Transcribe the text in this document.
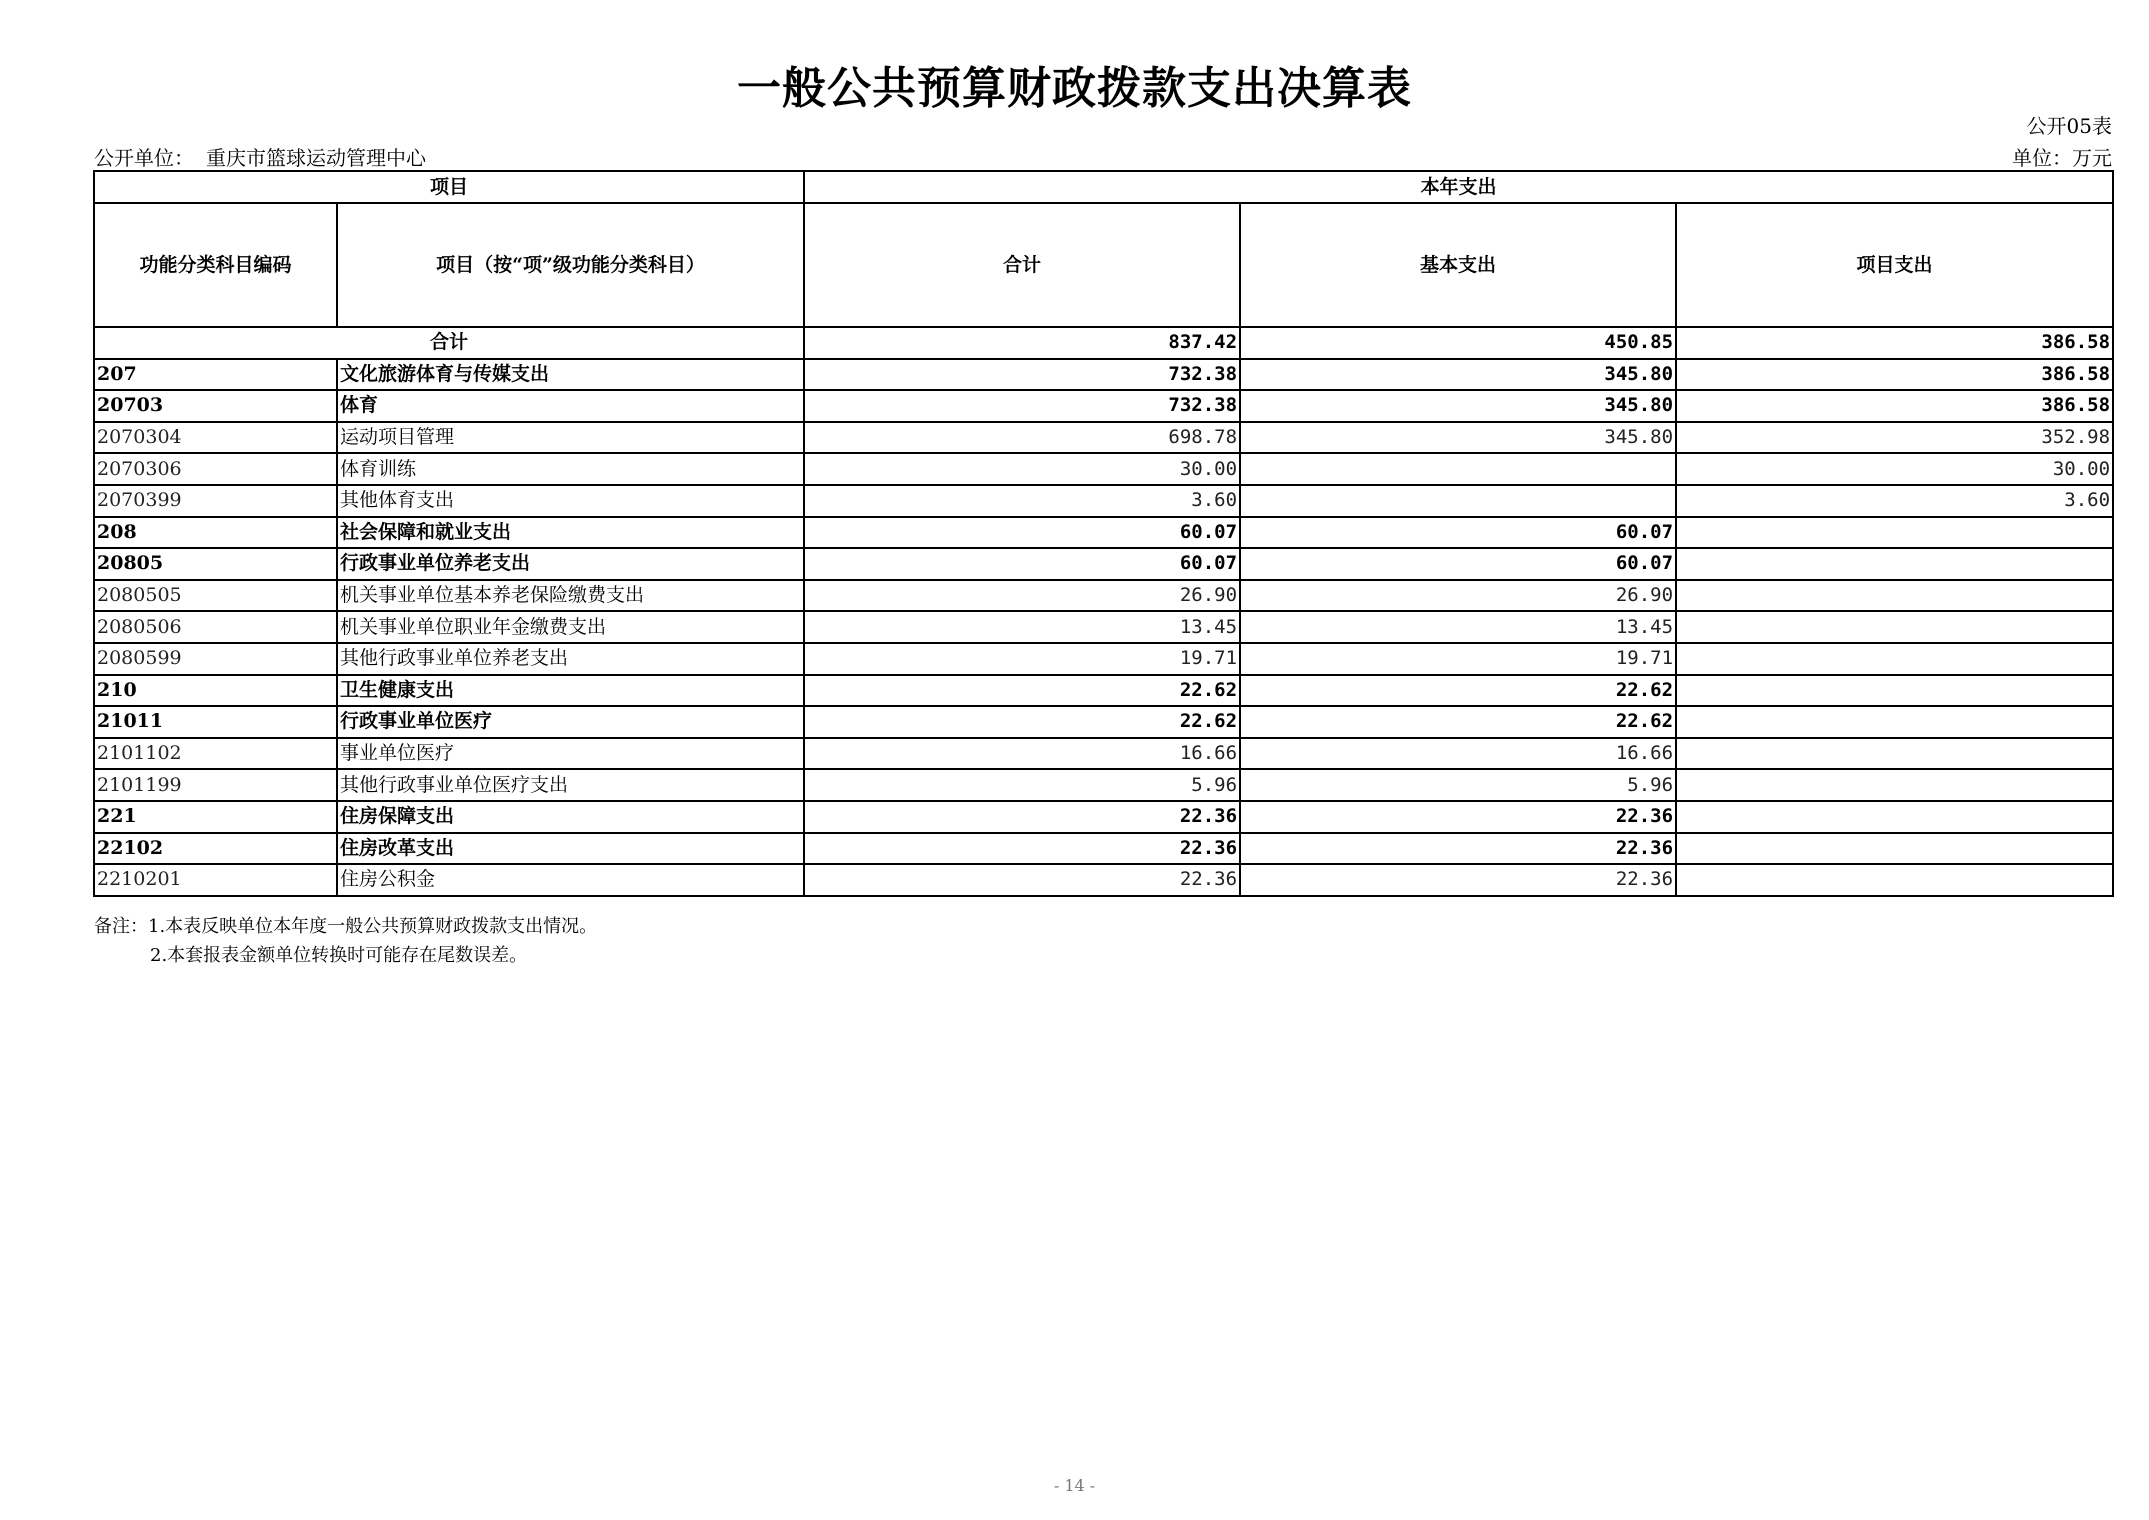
一般公共预算财政拨款支出决算表
公开05表
公开单位： 重庆市篮球运动管理中心	单位：万元
项目		本年支出		
功能分类科目编码	项目（按“项”级功能分类科目）	合计	基本支出	项目支出
合计		837.42	450.85	386.58
207	文化旅游体育与传媒支出	732.38	345.80	386.58
20703	体育	732.38	345.80	386.58
2070304	运动项目管理	698.78	345.80	352.98
2070306	体育训练	30.00		30.00
2070399	其他体育支出	3.60		3.60
208	社会保障和就业支出	60.07	60.07	
20805	行政事业单位养老支出	60.07	60.07	
2080505	机关事业单位基本养老保险缴费支出	26.90	26.90	
2080506	机关事业单位职业年金缴费支出	13.45	13.45	
2080599	其他行政事业单位养老支出	19.71	19.71	
210	卫生健康支出	22.62	22.62	
21011	行政事业单位医疗	22.62	22.62	
2101102	事业单位医疗	16.66	16.66	
2101199	其他行政事业单位医疗支出	5.96	5.96	
221	住房保障支出	22.36	22.36	
22102	住房改革支出	22.36	22.36	
2210201	住房公积金	22.36	22.36	
备注：1.本表反映单位本年度一般公共预算财政拨款支出情况。
2.本套报表金额单位转换时可能存在尾数误差。
- 14 -
